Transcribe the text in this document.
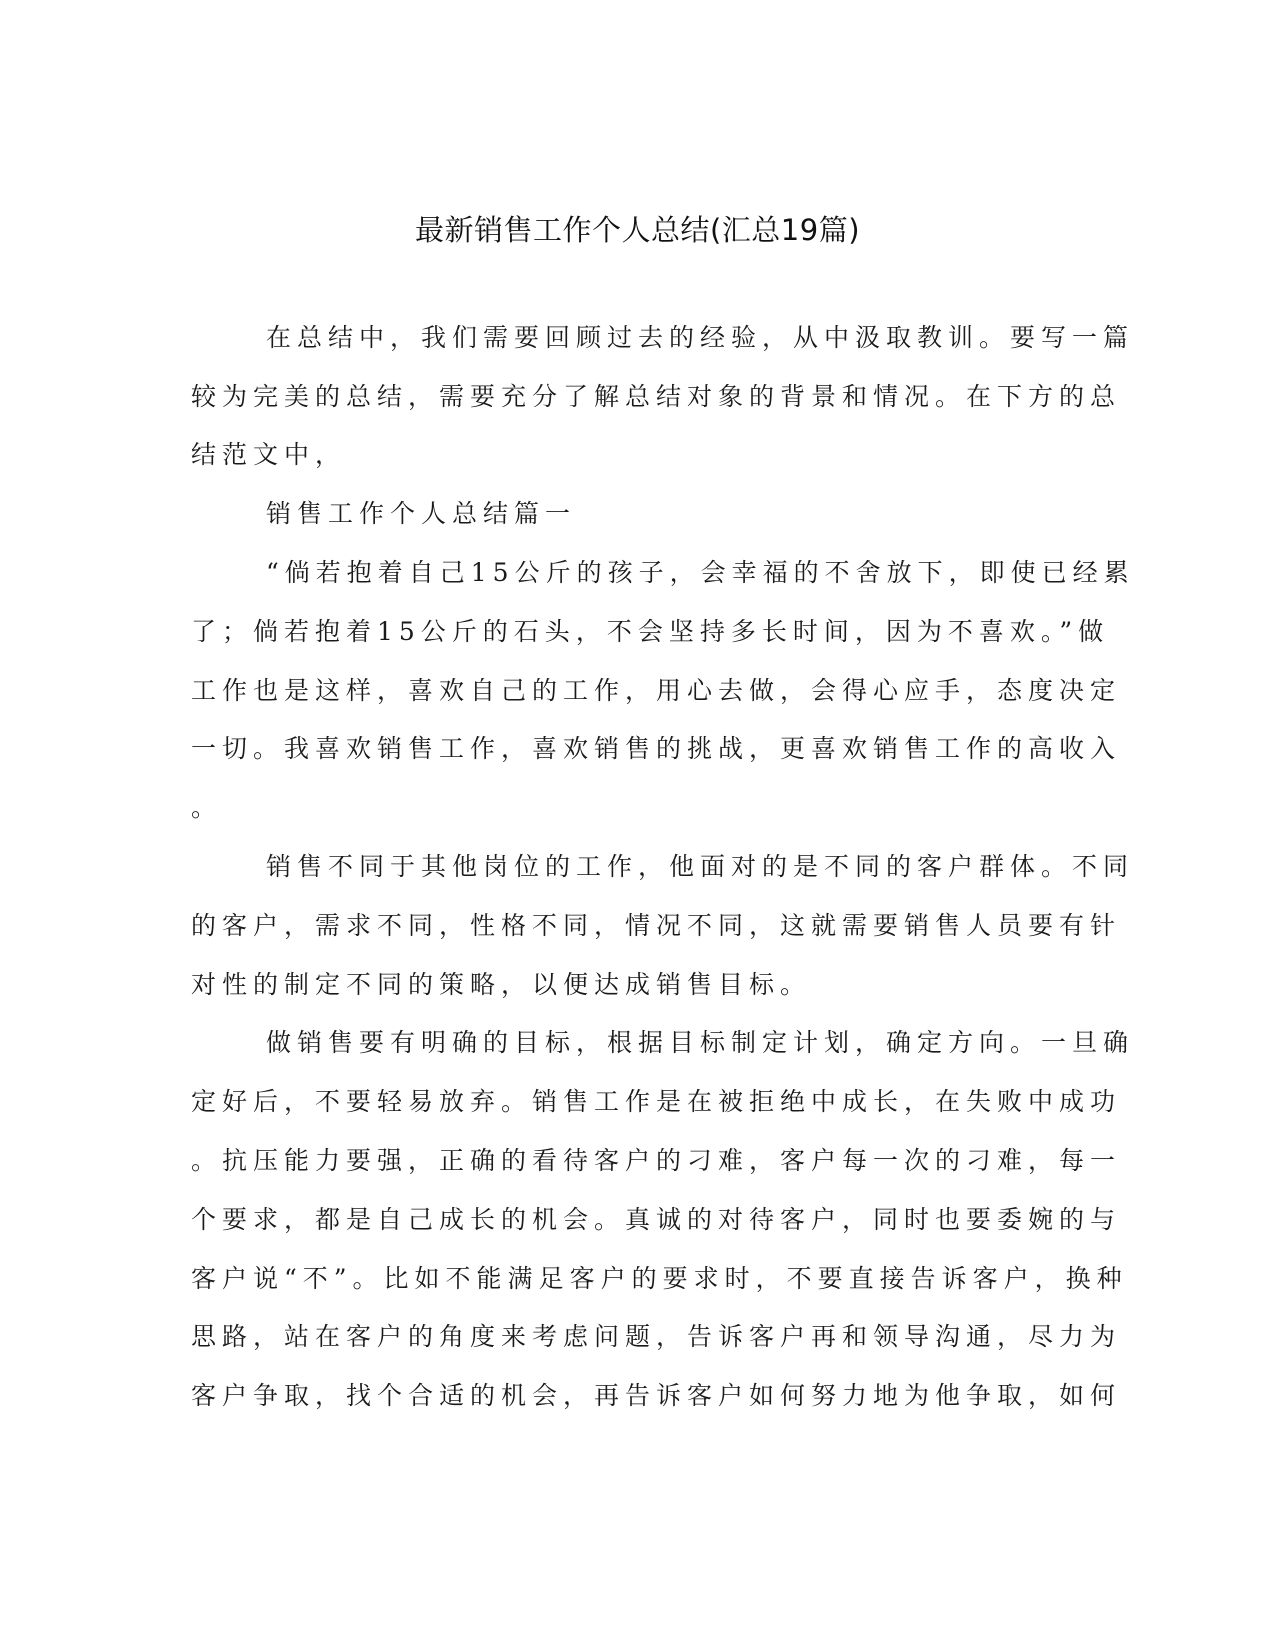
最新销售工作个人总结(汇总19篇)
在总结中，我们需要回顾过去的经验，从中汲取教训。要写一篇
较为完美的总结，需要充分了解总结对象的背景和情况。在下方的总
结范文中，
销售工作个人总结篇一
“倘若抱着自己15公斤的孩子，会幸福的不舍放下，即使已经累
了；倘若抱着15公斤的石头，不会坚持多长时间，因为不喜欢。”做
工作也是这样，喜欢自己的工作，用心去做，会得心应手，态度决定
一切。我喜欢销售工作，喜欢销售的挑战，更喜欢销售工作的高收入
。
销售不同于其他岗位的工作，他面对的是不同的客户群体。不同
的客户，需求不同，性格不同，情况不同，这就需要销售人员要有针
对性的制定不同的策略，以便达成销售目标。
做销售要有明确的目标，根据目标制定计划，确定方向。一旦确
定好后，不要轻易放弃。销售工作是在被拒绝中成长，在失败中成功
。抗压能力要强，正确的看待客户的刁难，客户每一次的刁难，每一
个要求，都是自己成长的机会。真诚的对待客户，同时也要委婉的与
客户说“不”。比如不能满足客户的要求时，不要直接告诉客户，换种
思路，站在客户的角度来考虑问题，告诉客户再和领导沟通，尽力为
客户争取，找个合适的机会，再告诉客户如何努力地为他争取，如何
